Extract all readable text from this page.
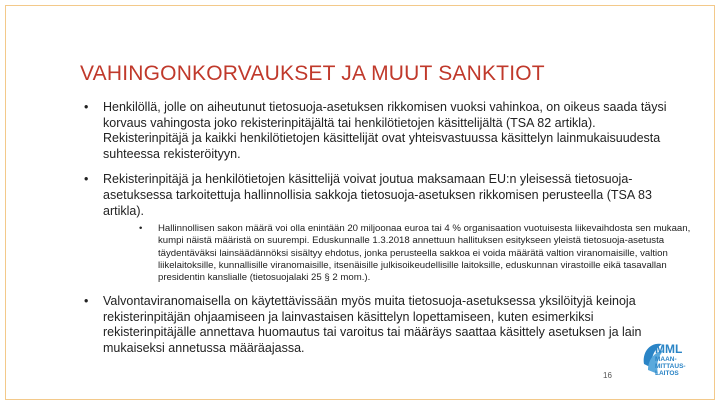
VAHINGONKORVAUKSET JA MUUT SANKTIOT
• Henkilöllä, jolle on aiheutunut tietosuoja-asetuksen rikkomisen vuoksi vahinkoa, on oikeus saada täysi korvaus vahingosta joko rekisterinpitäjältä tai henkilötietojen käsittelijältä (TSA 82 artikla). Rekisterinpitäjä ja kaikki henkilötietojen käsittelijät ovat yhteisvastuussa käsittelyn lainmukaisuudesta suhteessa rekisteröityyn.
• Rekisterinpitäjä ja henkilötietojen käsittelijä voivat joutua maksamaan EU:n yleisessä tietosuoja-asetuksessa tarkoitettuja hallinnollisia sakkoja tietosuoja-asetuksen rikkomisen perusteella (TSA 83 artikla).
• Hallinnollisen sakon määrä voi olla enintään 20 miljoonaa euroa tai 4 % organisaation vuotuisesta liikevaihdosta sen mukaan, kumpi näistä määristä on suurempi. Eduskunnalle 1.3.2018 annettuun hallituksen esitykseen yleistä tietosuoja-asetusta täydentäväksi lainsäädännöksi sisältyy ehdotus, jonka perusteella sakkoa ei voida määrätä valtion viranomaisille, valtion liikelaitoksille, kunnallisille viranomaisille, itsenäisille julkisoikeudellisille laitoksille, eduskunnan virastoille eikä tasavallan presidentin kanslialle (tietosuojalaki 25 § 2 mom.).
• Valvontaviranomaisella on käytettävissään myös muita tietosuoja-asetuksessa yksilöityjä keinoja rekisterinpitäjän ohjaamiseen ja lainvastaisen käsittelyn lopettamiseen, kuten esimerkiksi rekisterinpitäjälle annettava huomautus tai varoitus tai määräys saattaa käsittely asetuksen ja lain mukaiseksi annetussa määräajassa.
16
MML
MAAN-
MITTAUS-
LAITOS
